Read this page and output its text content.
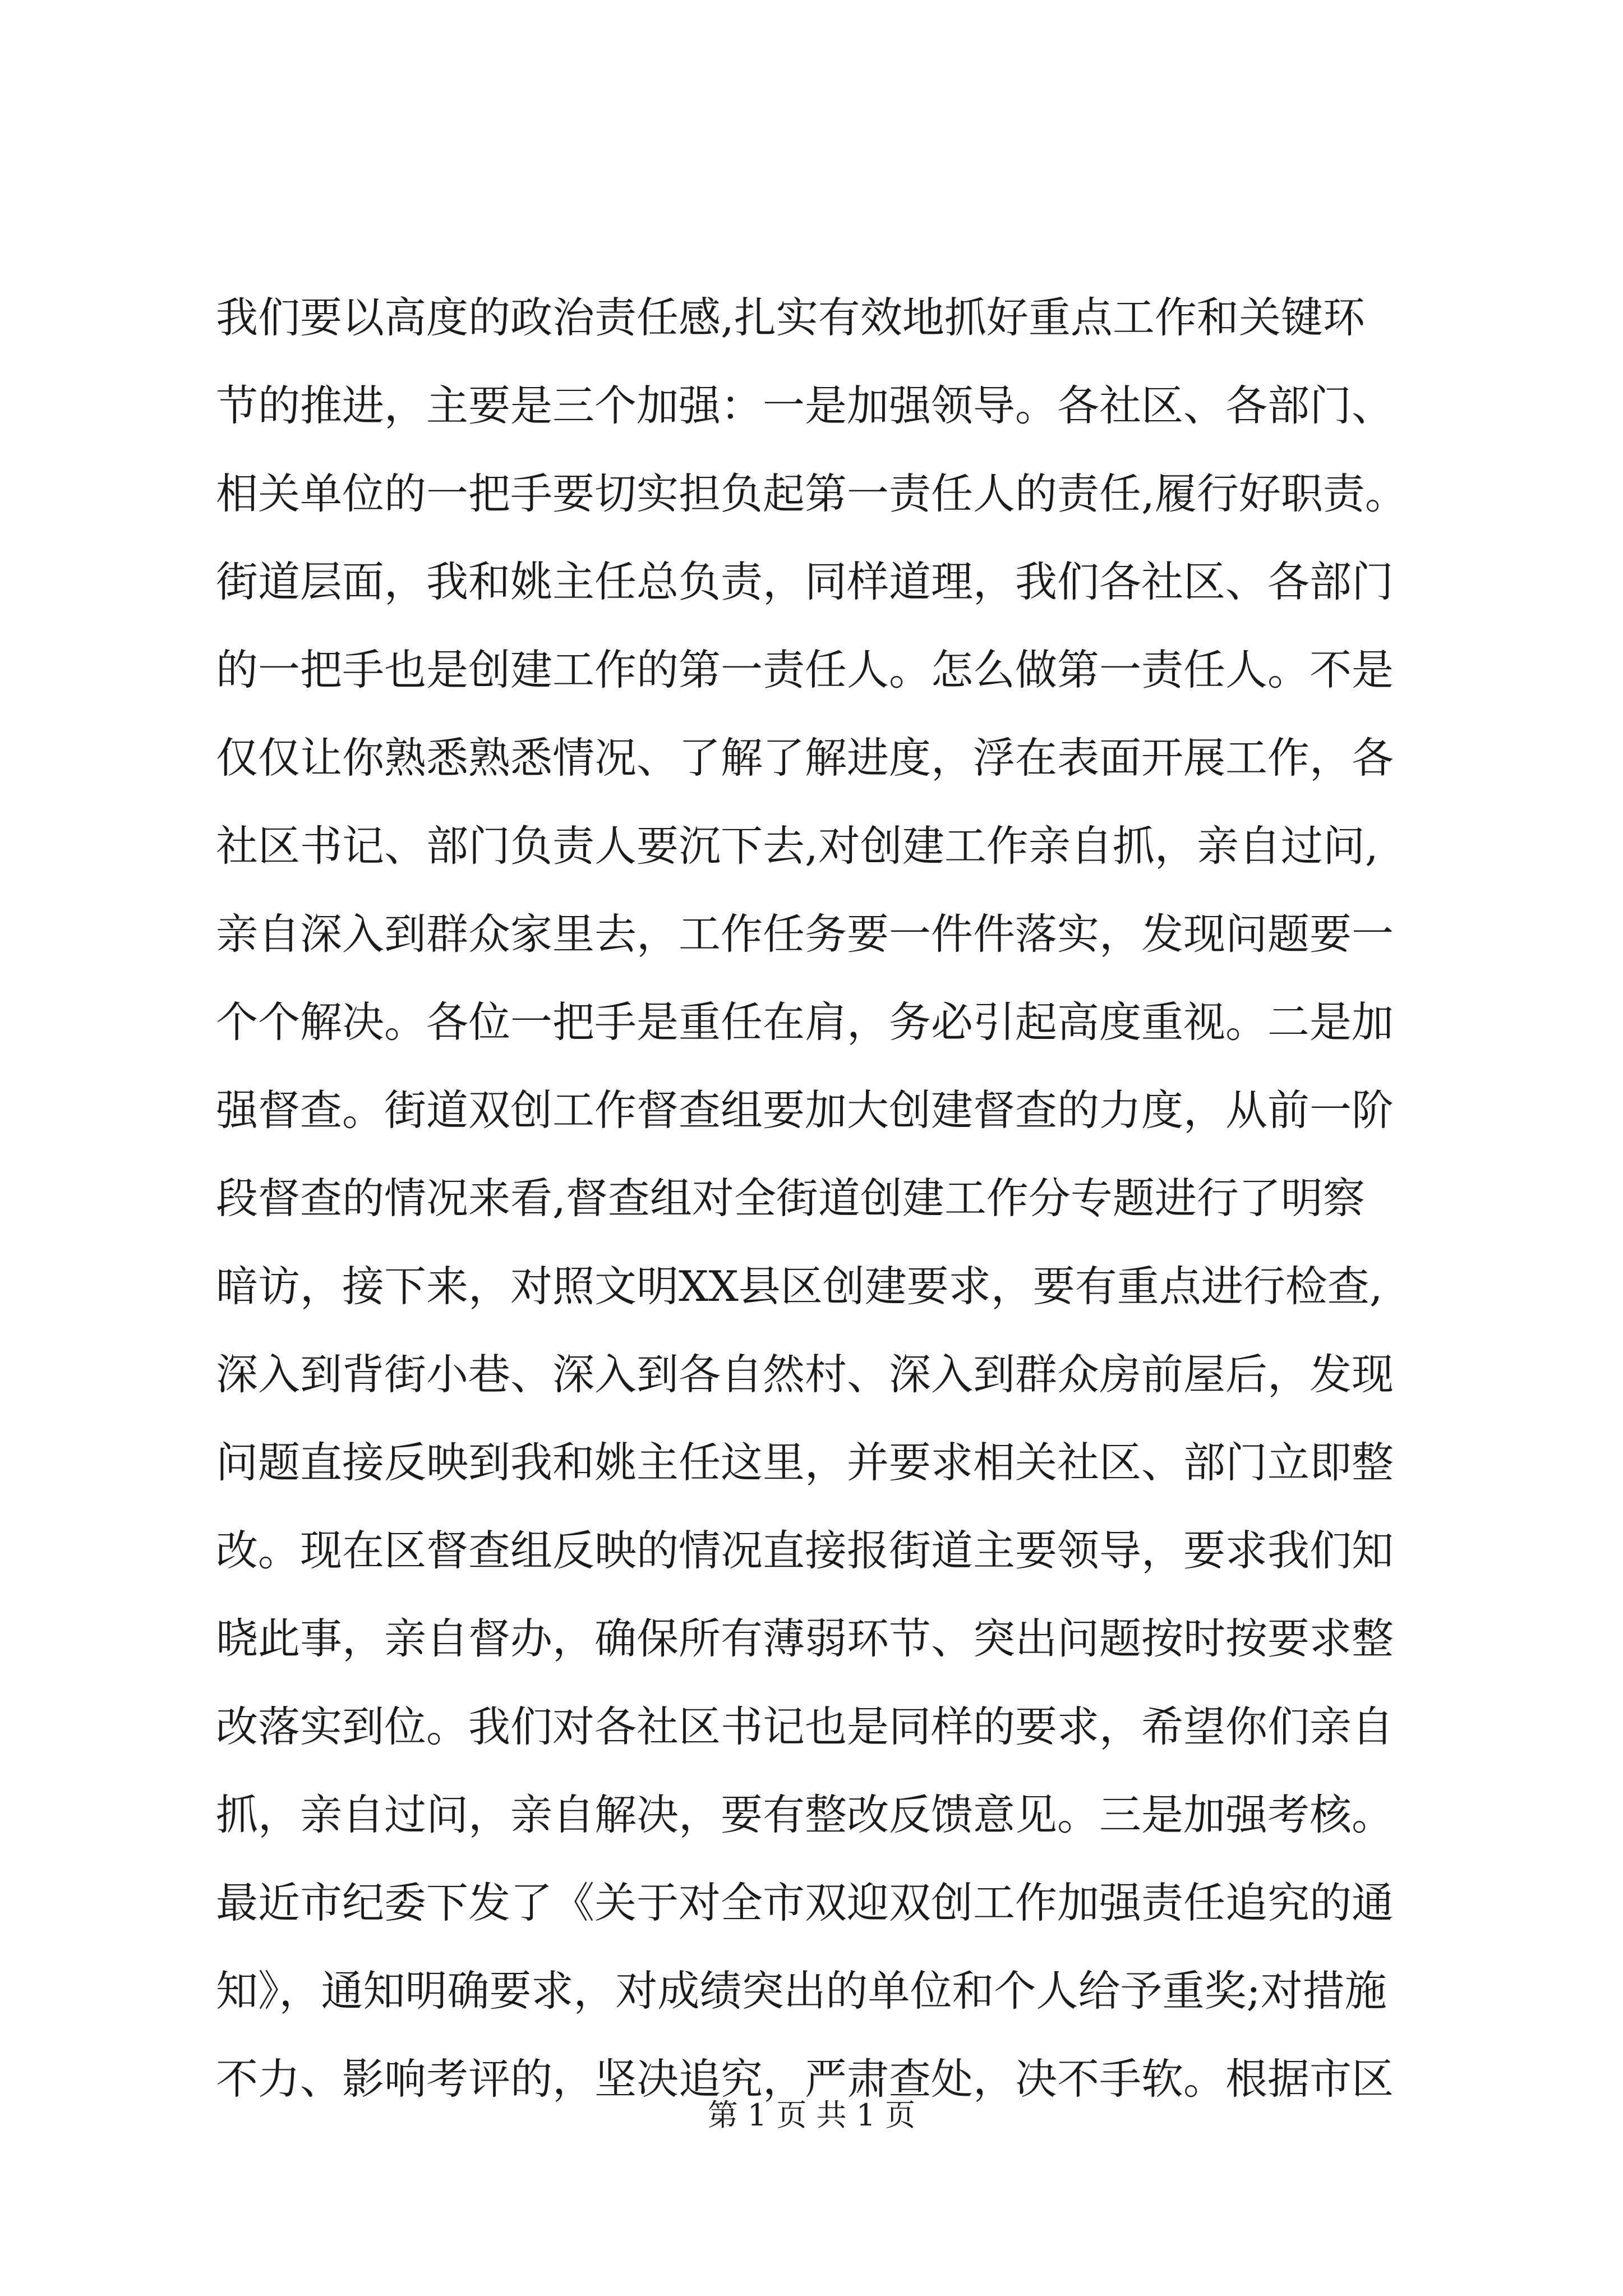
我们要以高度的政治责任感,扎实有效地抓好重点工作和关键环
节的推进，主要是三个加强：一是加强领导。各社区、各部门、
相关单位的一把手要切实担负起第一责任人的责任,履行好职责。
街道层面，我和姚主任总负责，同样道理，我们各社区、各部门
的一把手也是创建工作的第一责任人。怎么做第一责任人。不是
仅仅让你熟悉熟悉情况、了解了解进度，浮在表面开展工作，各
社区书记、部门负责人要沉下去,对创建工作亲自抓，亲自过问,
亲自深入到群众家里去，工作任务要一件件落实，发现问题要一
个个解决。各位一把手是重任在肩，务必引起高度重视。二是加
强督查。街道双创工作督查组要加大创建督查的力度，从前一阶
段督查的情况来看,督查组对全街道创建工作分专题进行了明察
暗访，接下来，对照文明XX县区创建要求，要有重点进行检查,
深入到背街小巷、深入到各自然村、深入到群众房前屋后，发现
问题直接反映到我和姚主任这里，并要求相关社区、部门立即整
改。现在区督查组反映的情况直接报街道主要领导，要求我们知
晓此事，亲自督办，确保所有薄弱环节、突出问题按时按要求整
改落实到位。我们对各社区书记也是同样的要求，希望你们亲自
抓，亲自过问，亲自解决，要有整改反馈意见。三是加强考核。
最近市纪委下发了《关于对全市双迎双创工作加强责任追究的通
知》，通知明确要求，对成绩突出的单位和个人给予重奖;对措施
不力、影响考评的，坚决追究，严肃查处，决不手软。根据市区
第 1 页 共 1 页
